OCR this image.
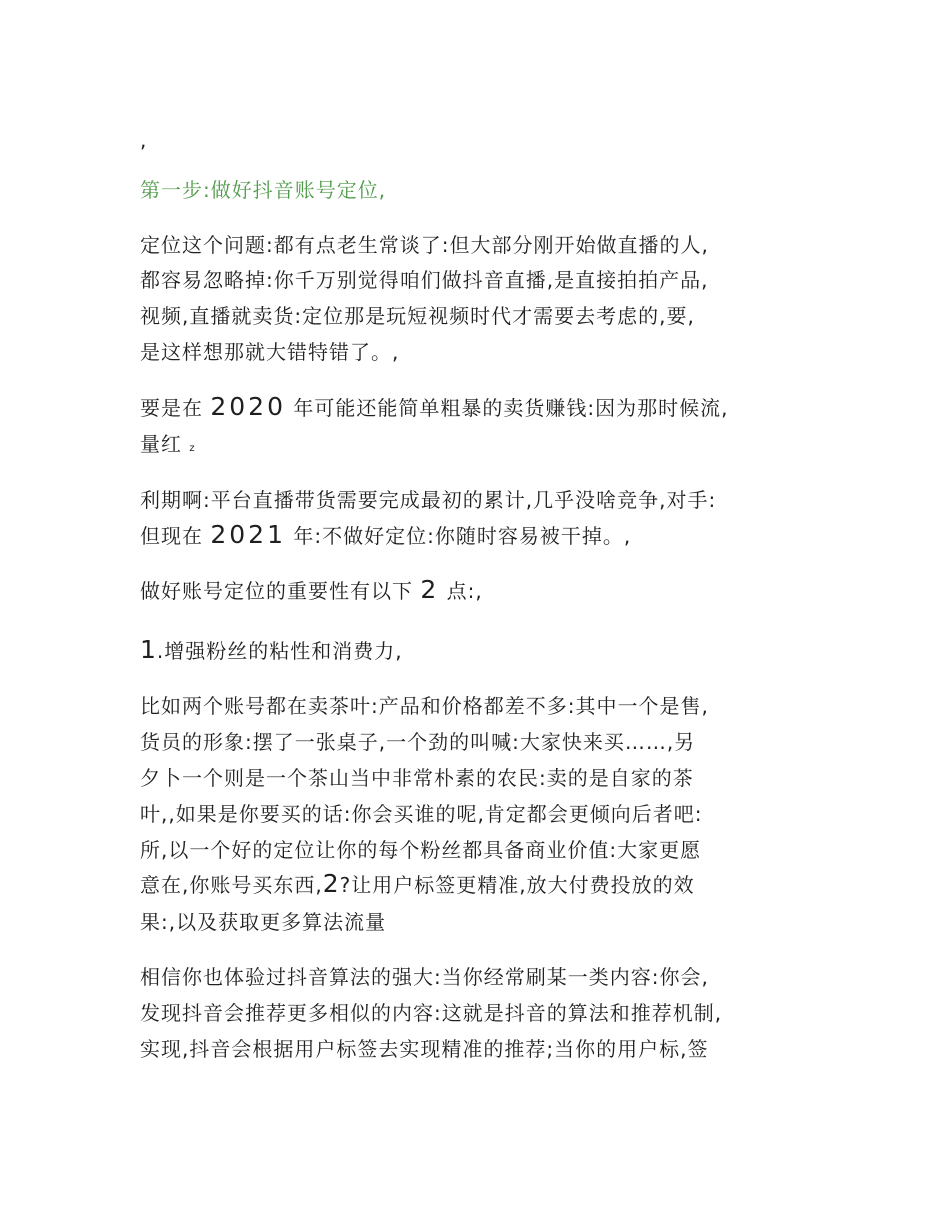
,
第一步:做好抖音账号定位,
定位这个问题:都有点老生常谈了:但大部分刚开始做直播的人,
都容易忽略掉:你千万别觉得咱们做抖音直播,是直接拍拍产品,
视频,直播就卖货:定位那是玩短视频时代才需要去考虑的,要,
是这样想那就大错特错了。,
要是在 2020 年可能还能简单粗暴的卖货赚钱:因为那时候流,
量红 z
利期啊:平台直播带货需要完成最初的累计,几乎没啥竞争,对手:
但现在 2021 年:不做好定位:你随时容易被干掉。,
做好账号定位的重要性有以下 2 点:,
1.增强粉丝的粘性和消费力,
比如两个账号都在卖茶叶:产品和价格都差不多:其中一个是售,
货员的形象:摆了一张桌子,一个劲的叫喊:大家快来买……,另
夕卜一个则是一个茶山当中非常朴素的农民:卖的是自家的茶
叶,,如果是你要买的话:你会买谁的呢,肯定都会更倾向后者吧:
所,以一个好的定位让你的每个粉丝都具备商业价值:大家更愿
意在,你账号买东西,2?让用户标签更精准,放大付费投放的效
果:,以及获取更多算法流量
相信你也体验过抖音算法的强大:当你经常刷某一类内容:你会,
发现抖音会推荐更多相似的内容:这就是抖音的算法和推荐机制,
实现,抖音会根据用户标签去实现精准的推荐;当你的用户标,签
